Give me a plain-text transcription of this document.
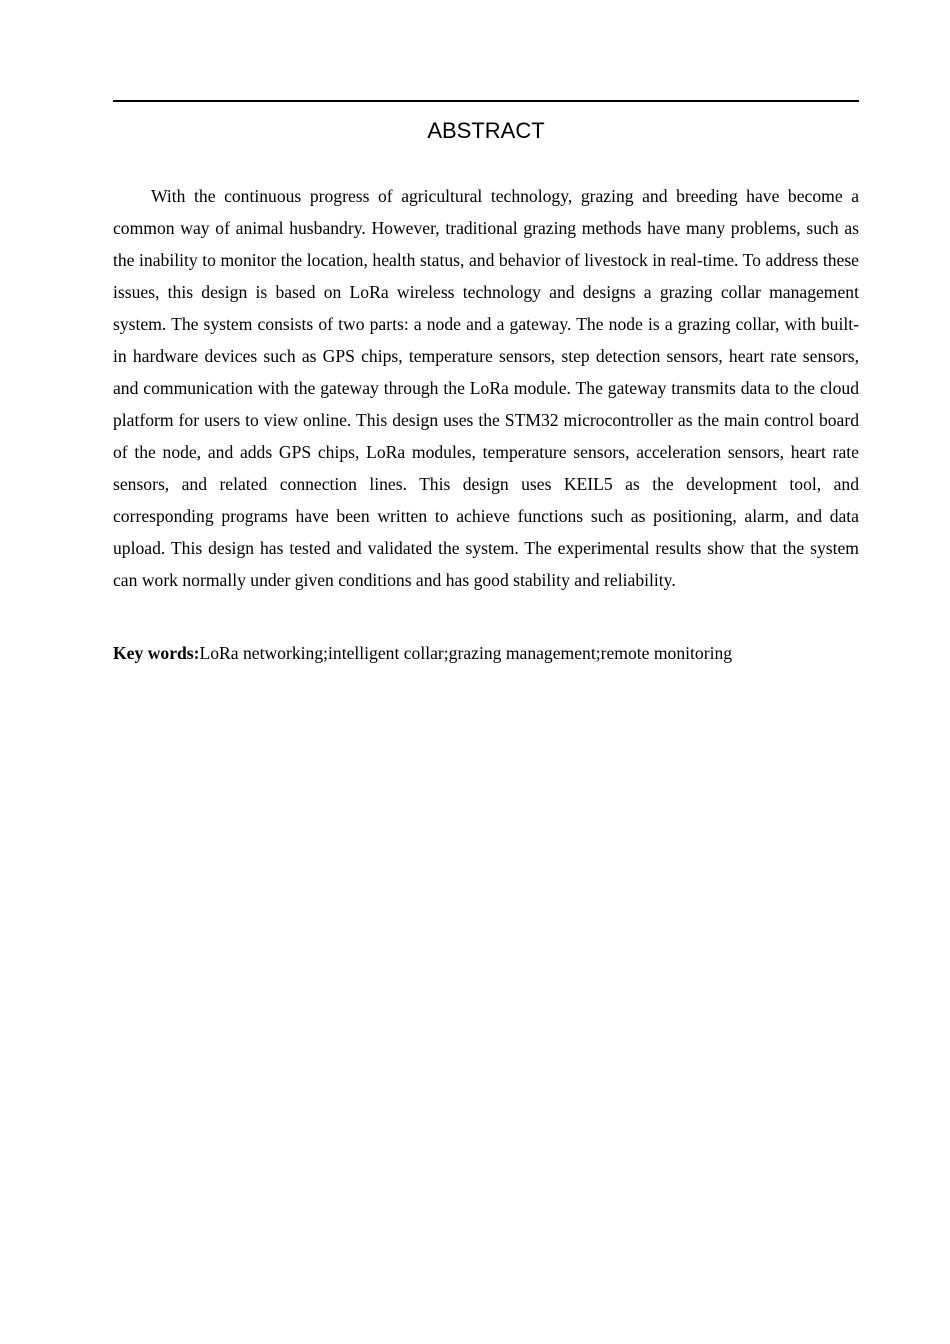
ABSTRACT

With the continuous progress of agricultural technology, grazing and breeding have become a common way of animal husbandry. However, traditional grazing methods have many problems, such as the inability to monitor the location, health status, and behavior of livestock in real-time. To address these issues, this design is based on LoRa wireless technology and designs a grazing collar management system. The system consists of two parts: a node and a gateway. The node is a grazing collar, with built-in hardware devices such as GPS chips, temperature sensors, step detection sensors, heart rate sensors, and communication with the gateway through the LoRa module. The gateway transmits data to the cloud platform for users to view online. This design uses the STM32 microcontroller as the main control board of the node, and adds GPS chips, LoRa modules, temperature sensors, acceleration sensors, heart rate sensors, and related connection lines. This design uses KEIL5 as the development tool, and corresponding programs have been written to achieve functions such as positioning, alarm, and data upload. This design has tested and validated the system. The experimental results show that the system can work normally under given conditions and has good stability and reliability.

Key words:LoRa networking;intelligent collar;grazing management;remote monitoring
